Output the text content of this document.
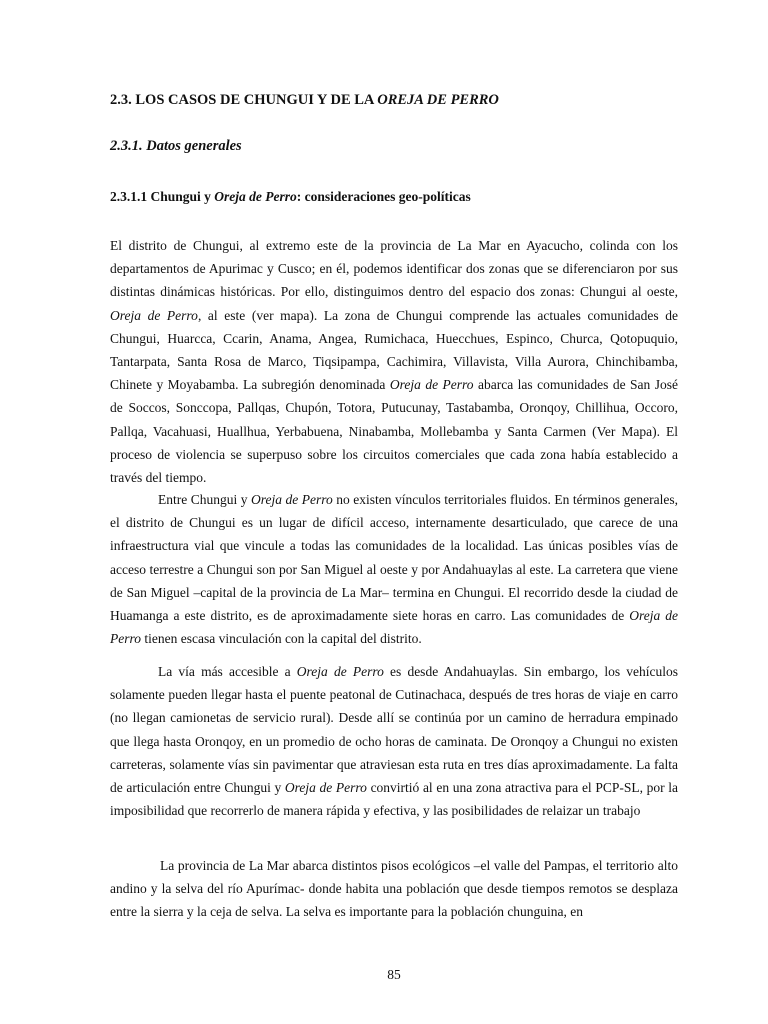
2.3. LOS CASOS DE CHUNGUI Y DE LA OREJA DE PERRO
2.3.1. Datos generales
2.3.1.1 Chungui y Oreja de Perro: consideraciones geo-políticas

El distrito de Chungui, al extremo este de la provincia de La Mar en Ayacucho, colinda con los departamentos de Apurimac y Cusco; en él, podemos identificar dos zonas que se diferenciaron por sus distintas dinámicas históricas. Por ello, distinguimos dentro del espacio dos zonas: Chungui al oeste, Oreja de Perro, al este (ver mapa). La zona de Chungui comprende las actuales comunidades de Chungui, Huarcca, Ccarin, Anama, Angea, Rumichaca, Huecchues, Espinco, Churca, Qotopuquio, Tantarpata, Santa Rosa de Marco, Tiqsipampa, Cachimira, Villavista, Villa Aurora, Chinchibamba, Chinete y Moyabamba. La subregión denominada Oreja de Perro abarca las comunidades de San José de Soccos, Sonccopa, Pallqas, Chupón, Totora, Putucunay, Tastabamba, Oronqoy, Chillihua, Occoro, Pallqa, Vacahuasi, Huallhua, Yerbabuena, Ninabamba, Mollebamba y Santa Carmen (Ver Mapa). El proceso de violencia se superpuso sobre los circuitos comerciales que cada zona había establecido a través del tiempo.

Entre Chungui y Oreja de Perro no existen vínculos territoriales fluidos. En términos generales, el distrito de Chungui es un lugar de difícil acceso, internamente desarticulado, que carece de una infraestructura vial que vincule a todas las comunidades de la localidad. Las únicas posibles vías de acceso terrestre a Chungui son por San Miguel al oeste y por Andahuaylas al este. La carretera que viene de San Miguel –capital de la provincia de La Mar– termina en Chungui. El recorrido desde la ciudad de Huamanga a este distrito, es de aproximadamente siete horas en carro. Las comunidades de Oreja de Perro tienen escasa vinculación con la capital del distrito.

La vía más accesible a Oreja de Perro es desde Andahuaylas. Sin embargo, los vehículos solamente pueden llegar hasta el puente peatonal de Cutinachaca, después de tres horas de viaje en carro (no llegan camionetas de servicio rural). Desde allí se continúa por un camino de herradura empinado que llega hasta Oronqoy, en un promedio de ocho horas de caminata. De Oronqoy a Chungui no existen carreteras, solamente vías sin pavimentar que atraviesan esta ruta en tres días aproximadamente. La falta de articulación entre Chungui y Oreja de Perro convirtió al en una zona atractiva para el PCP-SL, por la imposibilidad que recorrerlo de manera rápida y efectiva, y las posibilidades de relaizar un trabajo

La provincia de La Mar abarca distintos pisos ecológicos –el valle del Pampas, el territorio alto andino y la selva del río Apurímac- donde habita una población que desde tiempos remotos se desplaza entre la sierra y la ceja de selva. La selva es importante para la población chunguina, en

85
